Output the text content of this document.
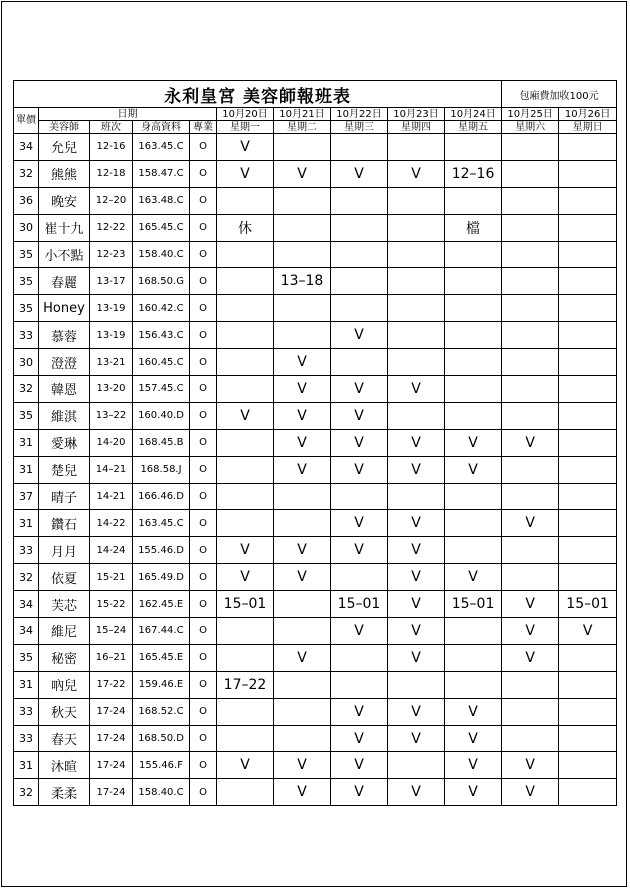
永利皇宮 美容師報班表										包廂費加收100元	
單價	日期				10月20日	10月21日	10月22日	10月23日	10月24日	10月25日	10月26日
	美容師	班次	身高資料	專業	星期一	星期二	星期三	星期四	星期五	星期六	星期日
34	允兒	12-16	163.45.C	O	V						
32	熊熊	12-18	158.47.C	O	V	V	V	V	12–16		
36	晚安	12–20	163.48.C	O							
30	崔十九	12-22	165.45.C	O	休				檔		
35	小不點	12-23	158.40.C	O							
35	春麗	13-17	168.50.G	O		13–18					
35	Honey	13-19	160.42.C	O							
33	慕蓉	13-19	156.43.C	O			V				
30	澄澄	13-21	160.45.C	O		V					
32	韓恩	13-20	157.45.C	O		V	V	V			
35	維淇	13–22	160.40.D	O	V	V	V				
31	愛琳	14-20	168.45.B	O		V	V	V	V	V	
31	楚兒	14–21	168.58.J	O		V	V	V	V		
37	晴子	14-21	166.46.D	O							
31	鑽石	14-22	163.45.C	O			V	V		V	
33	月月	14-24	155.46.D	O	V	V	V	V			
32	依夏	15-21	165.49.D	O	V	V		V	V		
34	芙芯	15-22	162.45.E	O	15–01		15–01	V	15–01	V	15–01
34	維尼	15–24	167.44.C	O			V	V		V	V
35	秘密	16–21	165.45.E	O		V		V		V	
31	吶兒	17-22	159.46.E	O	17–22						
33	秋天	17-24	168.52.C	O			V	V	V		
33	春天	17-24	168.50.D	O			V	V	V		
31	沐暄	17-24	155.46.F	O	V	V	V		V	V	
32	柔柔	17-24	158.40.C	O		V	V	V	V	V	
